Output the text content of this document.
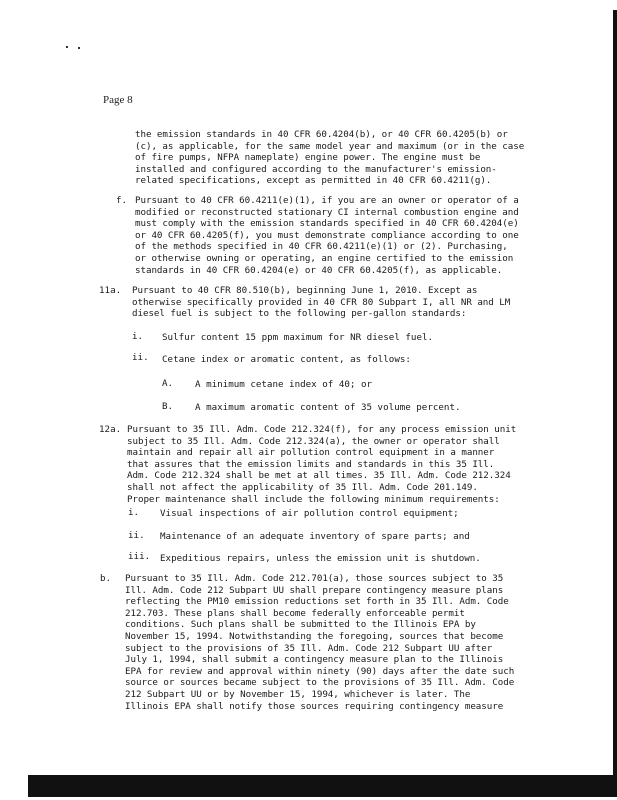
Page 8
the emission standards in 40 CFR 60.4204(b), or 40 CFR 60.4205(b) or
(c), as applicable, for the same model year and maximum (or in the case
of fire pumps, NFPA nameplate) engine power. The engine must be
installed and configured according to the manufacturer's emission-
related specifications, except as permitted in 40 CFR 60.4211(g).
f. Pursuant to 40 CFR 60.4211(e)(1), if you are an owner or operator of a
modified or reconstructed stationary CI internal combustion engine and
must comply with the emission standards specified in 40 CFR 60.4204(e)
or 40 CFR 60.4205(f), you must demonstrate compliance according to one
of the methods specified in 40 CFR 60.4211(e)(1) or (2). Purchasing,
or otherwise owning or operating, an engine certified to the emission
standards in 40 CFR 60.4204(e) or 40 CFR 60.4205(f), as applicable.
11a. Pursuant to 40 CFR 80.510(b), beginning June 1, 2010. Except as
otherwise specifically provided in 40 CFR 80 Subpart I, all NR and LM
diesel fuel is subject to the following per-gallon standards:
i. Sulfur content 15 ppm maximum for NR diesel fuel.
ii. Cetane index or aromatic content, as follows:
A. A minimum cetane index of 40; or
B. A maximum aromatic content of 35 volume percent.
12a. Pursuant to 35 Ill. Adm. Code 212.324(f), for any process emission unit
subject to 35 Ill. Adm. Code 212.324(a), the owner or operator shall
maintain and repair all air pollution control equipment in a manner
that assures that the emission limits and standards in this 35 Ill.
Adm. Code 212.324 shall be met at all times. 35 Ill. Adm. Code 212.324
shall not affect the applicability of 35 Ill. Adm. Code 201.149.
Proper maintenance shall include the following minimum requirements:
i. Visual inspections of air pollution control equipment;
ii. Maintenance of an adequate inventory of spare parts; and
iii. Expeditious repairs, unless the emission unit is shutdown.
b. Pursuant to 35 Ill. Adm. Code 212.701(a), those sources subject to 35
Ill. Adm. Code 212 Subpart UU shall prepare contingency measure plans
reflecting the PM10 emission reductions set forth in 35 Ill. Adm. Code
212.703. These plans shall become federally enforceable permit
conditions. Such plans shall be submitted to the Illinois EPA by
November 15, 1994. Notwithstanding the foregoing, sources that become
subject to the provisions of 35 Ill. Adm. Code 212 Subpart UU after
July 1, 1994, shall submit a contingency measure plan to the Illinois
EPA for review and approval within ninety (90) days after the date such
source or sources became subject to the provisions of 35 Ill. Adm. Code
212 Subpart UU or by November 15, 1994, whichever is later. The
Illinois EPA shall notify those sources requiring contingency measure
